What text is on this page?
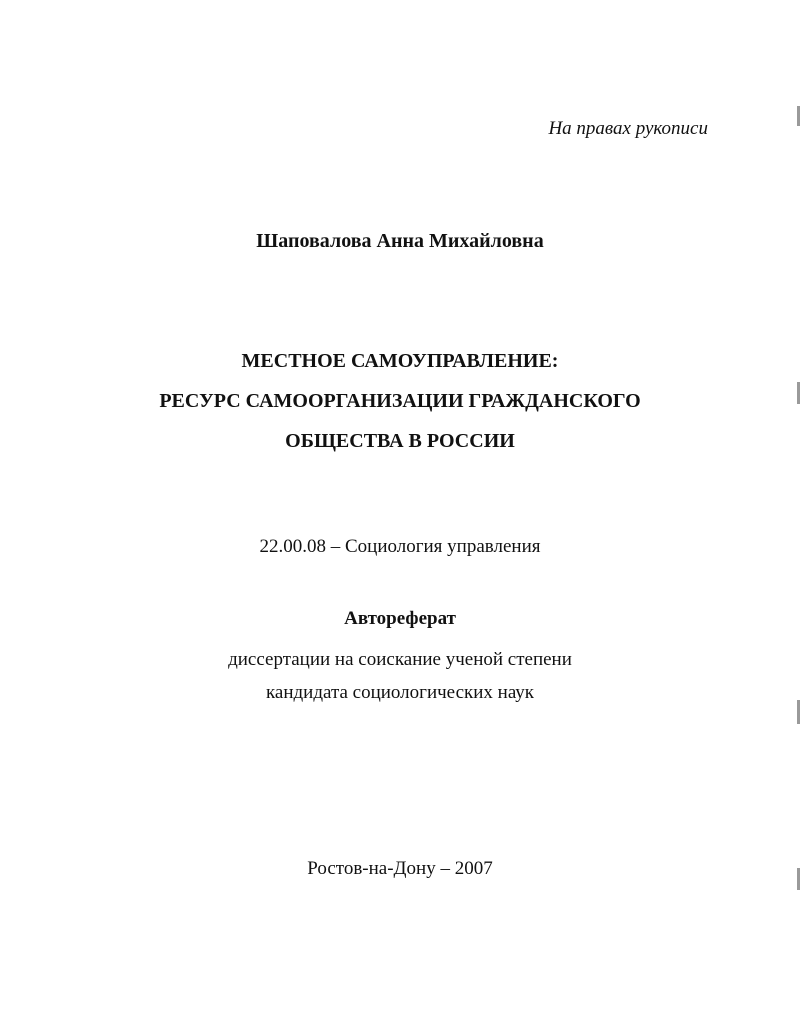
На правах рукописи
Шаповалова Анна Михайловна
МЕСТНОЕ САМОУПРАВЛЕНИЕ:
РЕСУРС САМООРГАНИЗАЦИИ ГРАЖДАНСКОГО
ОБЩЕСТВА В РОССИИ
22.00.08 – Социология управления
Автореферат
диссертации на соискание ученой степени
кандидата социологических наук
Ростов-на-Дону – 2007
